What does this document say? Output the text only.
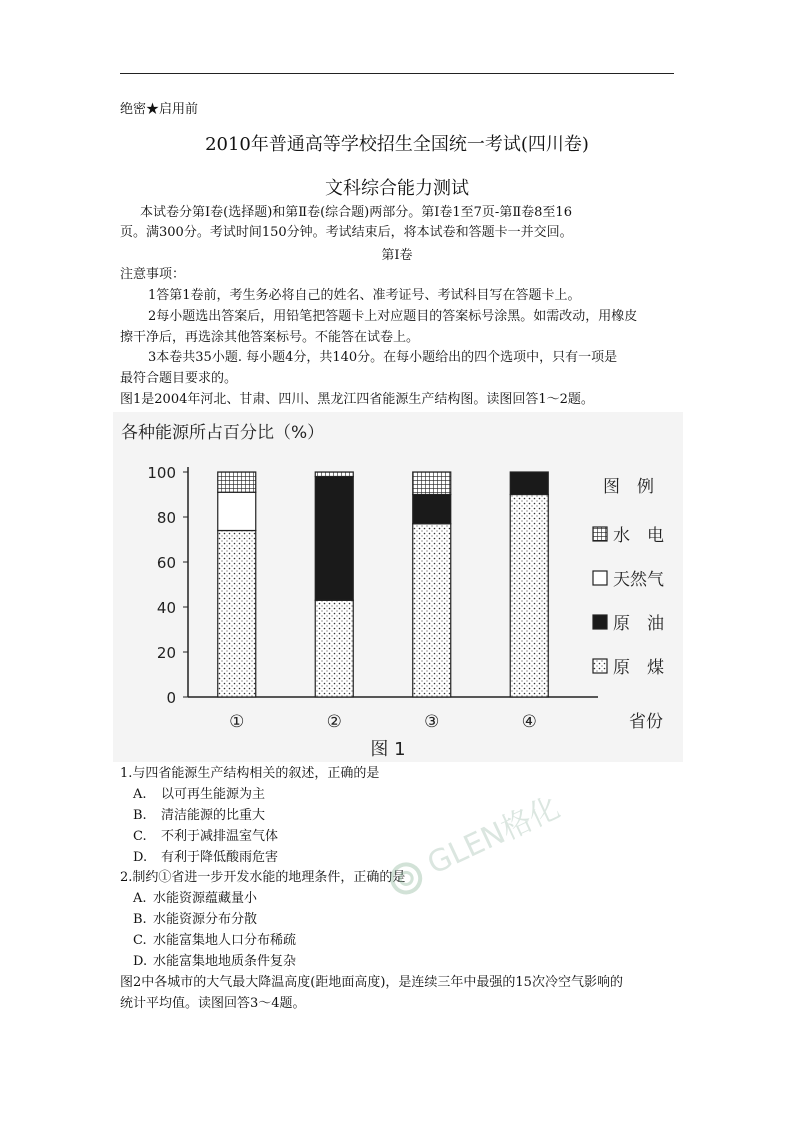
绝密★启用前
2010年普通高等学校招生全国统一考试(四川卷)
文科综合能力测试
本试卷分第Ⅰ卷(选择题)和第Ⅱ卷(综合题)两部分。第Ⅰ卷1至7页-第Ⅱ卷8至16
页。满300分。考试时间150分钟。考试结束后，将本试卷和答题卡一并交回。
第Ⅰ卷
注意事项：
1答第1卷前，考生务必将自己的姓名、准考证号、考试科目写在答题卡上。
2每小题选出答案后，用铅笔把答题卡上对应题目的答案标号涂黑。如需改动，用橡皮
擦干净后，再选涂其他答案标号。不能答在试卷上。
3本卷共35小题. 每小题4分，共140分。在每小题给出的四个选项中，只有一项是
最符合题目要求的。
图1是2004年河北、甘肃、四川、黑龙江四省能源生产结构图。读图回答1～2题。
各种能源所占百分比（%）
0
20
40
60
80
100
①	②	③	④	省份
图　例
水　电
天然气
原　油
原　煤
图 1
1.与四省能源生产结构相关的叙述，正确的是
A. 以可再生能源为主
B. 清洁能源的比重大
C. 不利于减排温室气体
D. 有利于降低酸雨危害
2.制约①省进一步开发水能的地理条件，正确的是
A. 水能资源蕴藏量小
B. 水能资源分布分散
C. 水能富集地人口分布稀疏
D. 水能富集地地质条件复杂
图2中各城市的大气最大降温高度(距地面高度)，是连续三年中最强的15次冷空气影响的
统计平均值。读图回答3～4题。
GLEN格化
